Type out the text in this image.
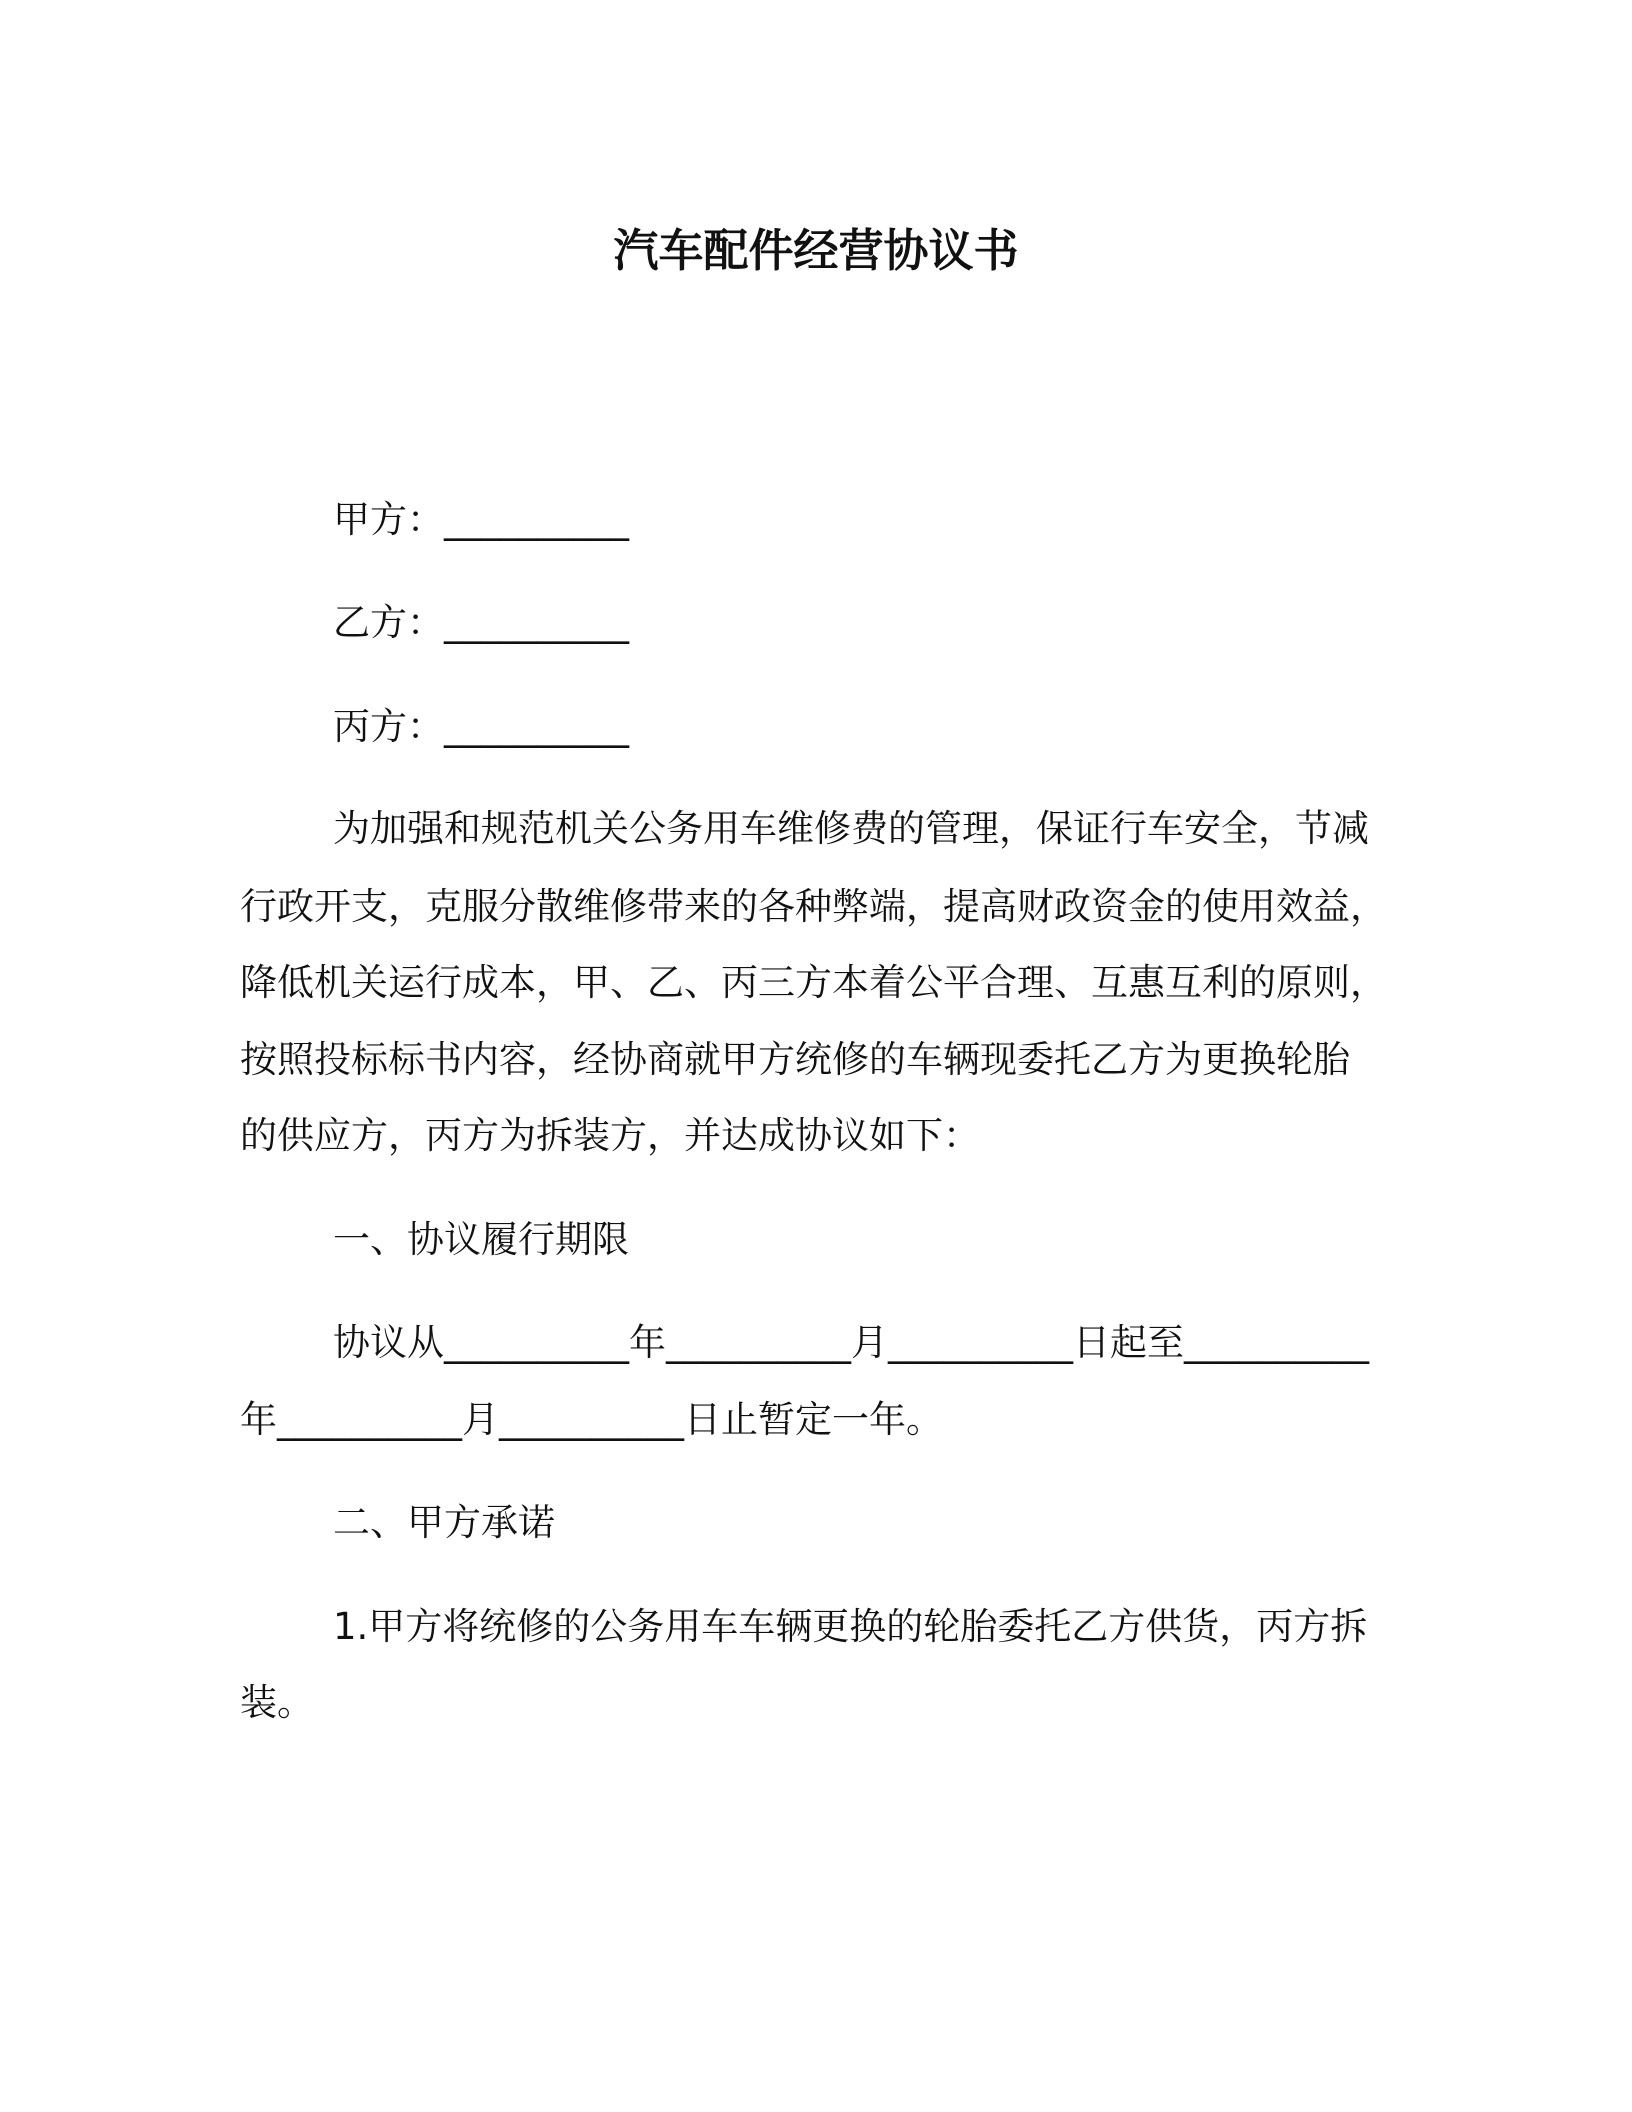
汽车配件经营协议书
甲方：__________
乙方：__________
丙方：__________
为加强和规范机关公务用车维修费的管理，保证行车安全，节减
行政开支，克服分散维修带来的各种弊端，提高财政资金的使用效益，
降低机关运行成本，甲、乙、丙三方本着公平合理、互惠互利的原则，
按照投标标书内容，经协商就甲方统修的车辆现委托乙方为更换轮胎
的供应方，丙方为拆装方，并达成协议如下：
一、协议履行期限
协议从__________年__________月__________日起至__________
年__________月__________日止暂定一年。
二、甲方承诺
1.甲方将统修的公务用车车辆更换的轮胎委托乙方供货，丙方拆
装。
